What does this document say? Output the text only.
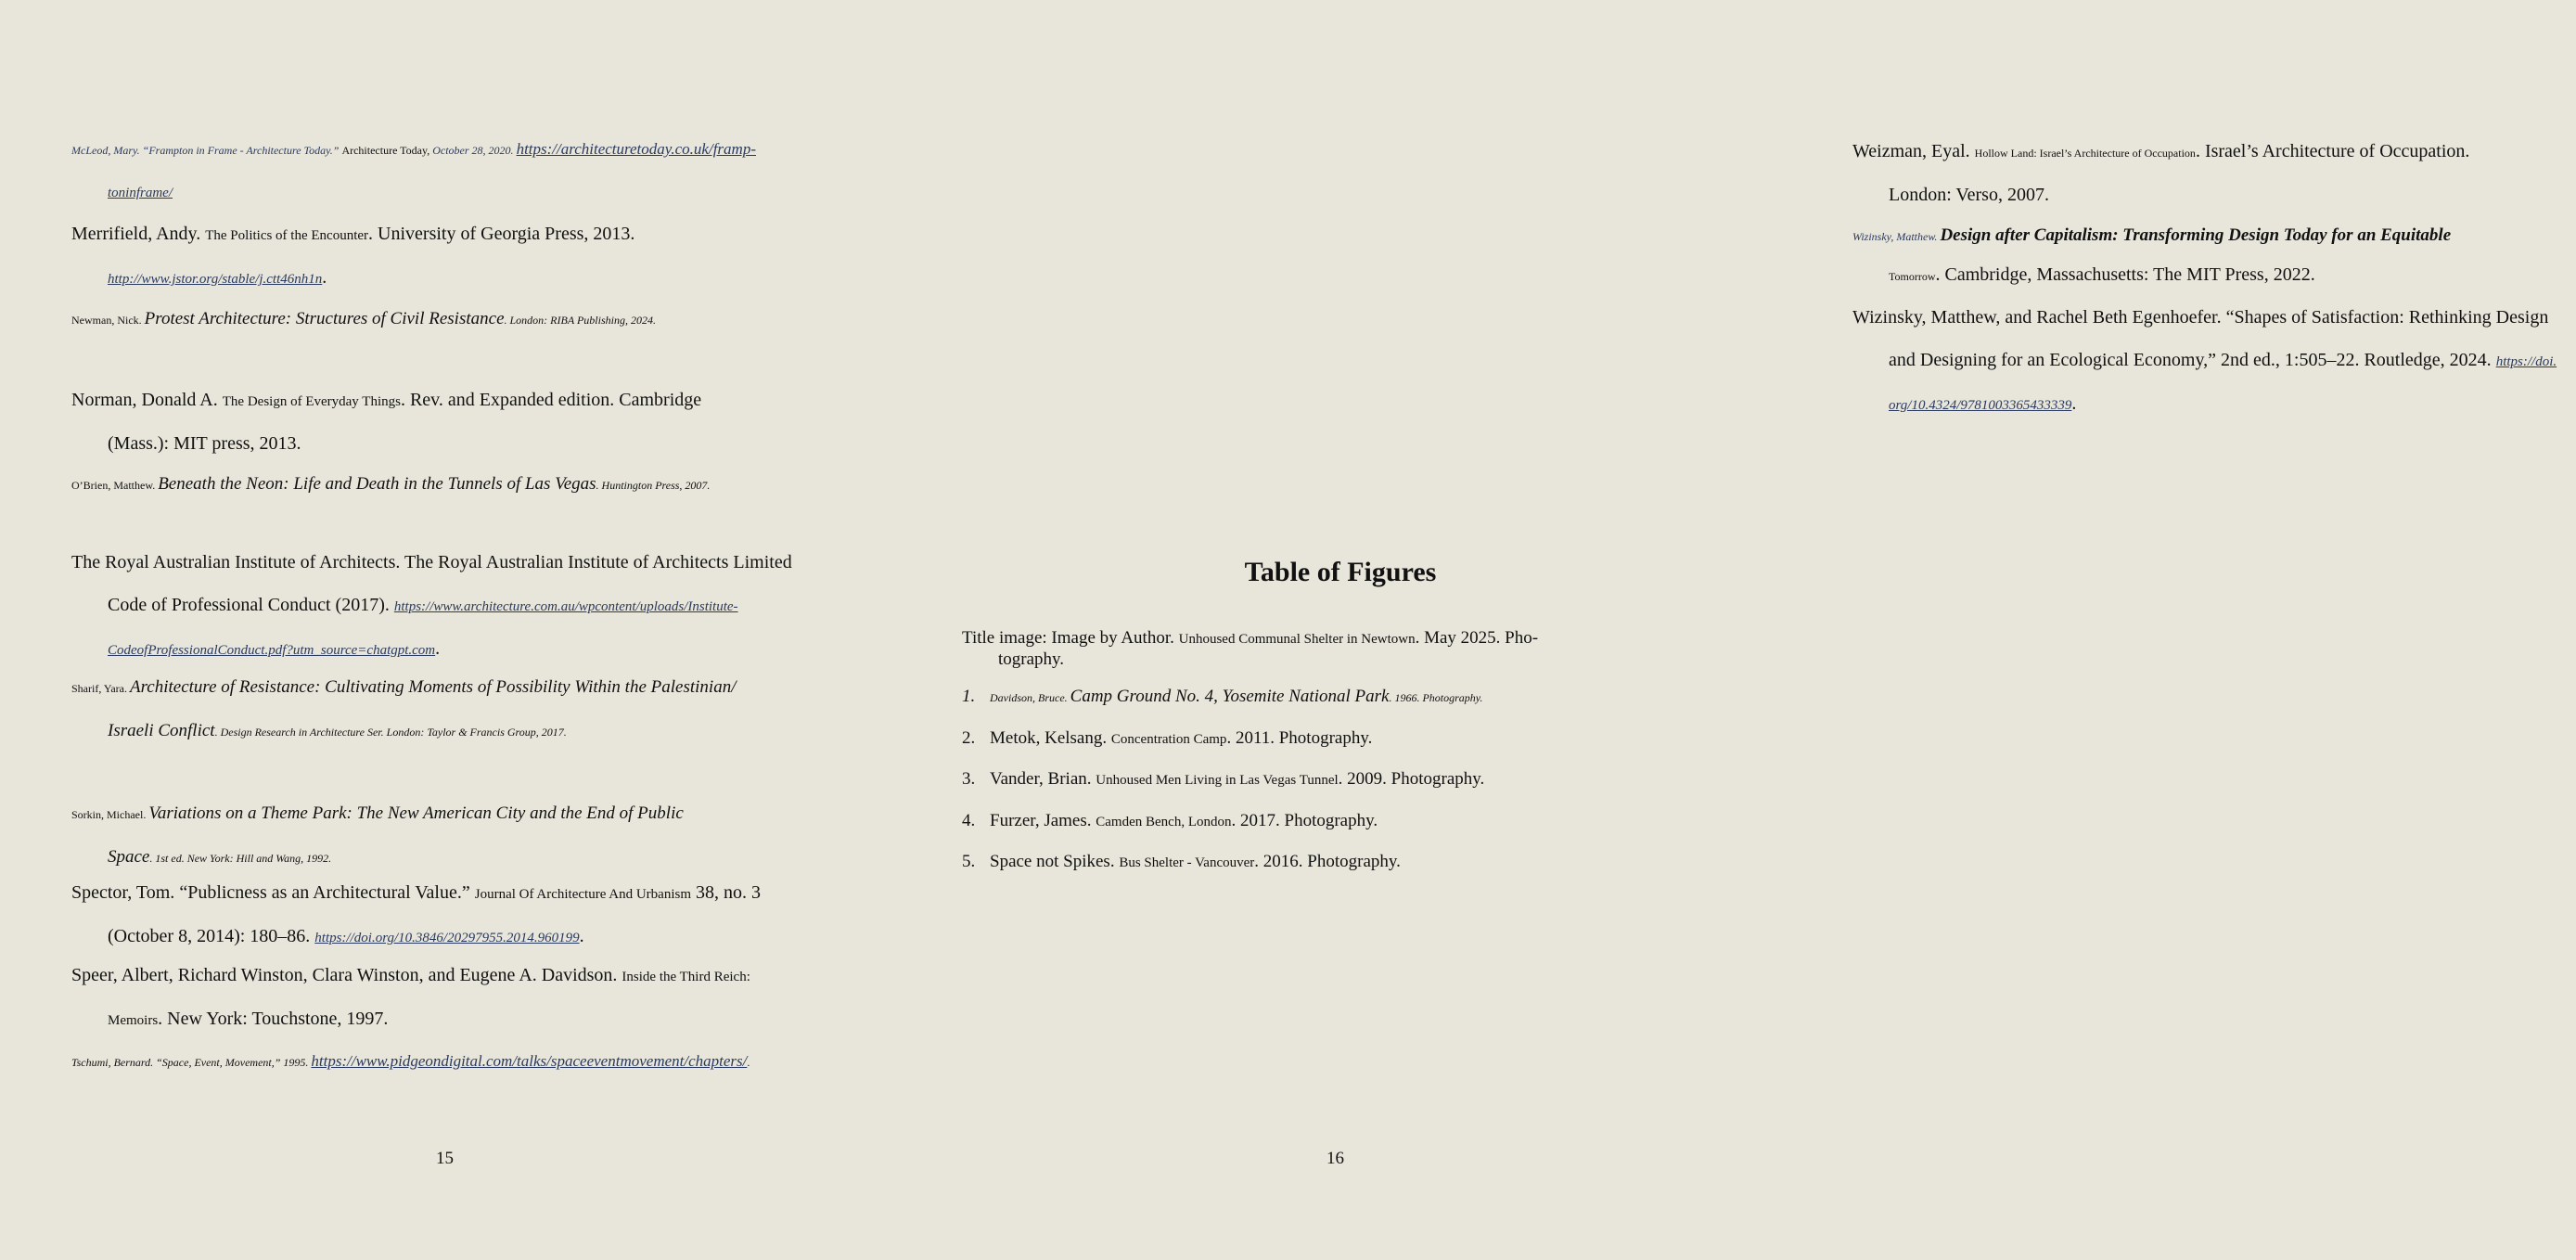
McLeod, Mary. “Frampton in Frame - Architecture Today.” Architecture Today, October 28, 2020. https://architecturetoday.co.uk/framp-
toninframe/
Merrifield, Andy. The Politics of the Encounter. University of Georgia Press, 2013.
http://www.jstor.org/stable/j.ctt46nh1n.
Newman, Nick. Protest Architecture: Structures of Civil Resistance. London: RIBA Publishing, 2024.
Norman, Donald A. The Design of Everyday Things. Rev. and Expanded edition. Cambridge
(Mass.): MIT press, 2013.
O’Brien, Matthew. Beneath the Neon: Life and Death in the Tunnels of Las Vegas. Huntington Press, 2007.
The Royal Australian Institute of Architects. The Royal Australian Institute of Architects Limited
Code of Professional Conduct (2017). https://www.architecture.com.au/wpcontent/uploads/Institute-
CodeofProfessionalConduct.pdf?utm_source=chatgpt.com.
Sharif, Yara. Architecture of Resistance: Cultivating Moments of Possibility Within the Palestinian/
Israeli Conflict. Design Research in Architecture Ser. London: Taylor & Francis Group, 2017.
Sorkin, Michael. Variations on a Theme Park: The New American City and the End of Public
Space. 1st ed. New York: Hill and Wang, 1992.
Spector, Tom. “Publicness as an Architectural Value.” Journal Of Architecture And Urbanism 38, no. 3
(October 8, 2014): 180–86. https://doi.org/10.3846/20297955.2014.960199.
Speer, Albert, Richard Winston, Clara Winston, and Eugene A. Davidson. Inside the Third Reich:
Memoirs. New York: Touchstone, 1997.
Tschumi, Bernard. “Space, Event, Movement,” 1995. https://www.pidgeondigital.com/talks/spaceeventmovement/chapters/.
15
Weizman, Eyal. Hollow Land: Israel’s Architecture of Occupation. Israel’s Architecture of Occupation.
London: Verso, 2007.
Wizinsky, Matthew. Design after Capitalism: Transforming Design Today for an Equitable
Tomorrow. Cambridge, Massachusetts: The MIT Press, 2022.
Wizinsky, Matthew, and Rachel Beth Egenhoefer. “Shapes of Satisfaction: Rethinking Design
and Designing for an Ecological Economy,” 2nd ed., 1:505–22. Routledge, 2024. https://doi.
org/10.4324/9781003365433339.
16
Table of Figures
Title image: Image by Author. Unhoused Communal Shelter in Newtown. May 2025. Pho-
tography.
1. Davidson, Bruce. Camp Ground No. 4, Yosemite National Park. 1966. Photography.
2. Metok, Kelsang. Concentration Camp. 2011. Photography.
3. Vander, Brian. Unhoused Men Living in Las Vegas Tunnel. 2009. Photography.
4. Furzer, James. Camden Bench, London. 2017. Photography.
5. Space not Spikes. Bus Shelter - Vancouver. 2016. Photography.
